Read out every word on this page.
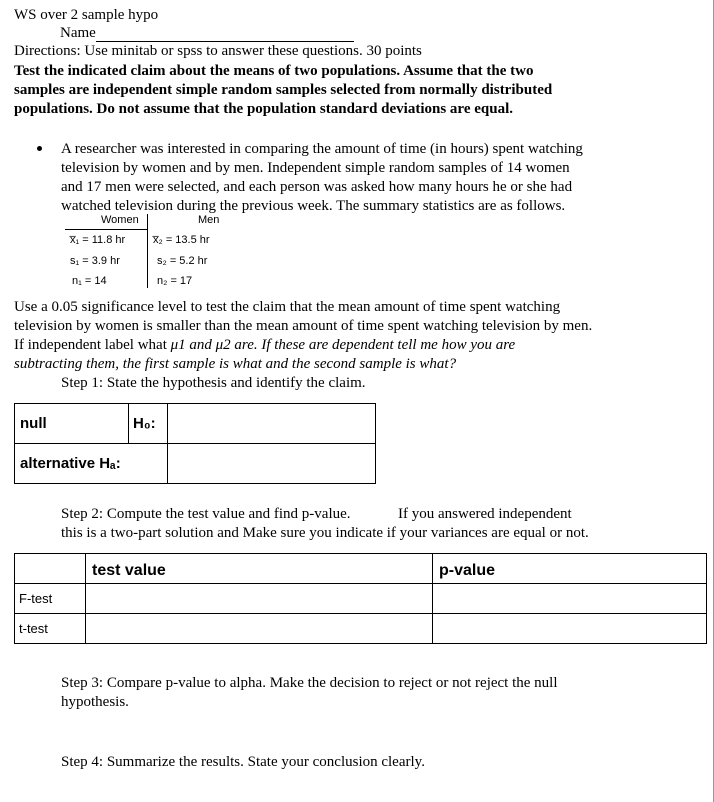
WS over 2 sample hypo
Name
Directions: Use minitab or spss to answer these questions. 30 points
Test the indicated claim about the means of two populations. Assume that the two
samples are independent simple random samples selected from normally distributed
populations. Do not assume that the population standard deviations are equal.
A researcher was interested in comparing the amount of time (in hours) spent watching
television by women and by men. Independent simple random samples of 14 women
and 17 men were selected, and each person was asked how many hours he or she had
watched television during the previous week. The summary statistics are as follows.
Women	Men
x̅₁ = 11.8 hr	x̅₂ = 13.5 hr
s₁ = 3.9 hr	s₂ = 5.2 hr
n₁ = 14	n₂ = 17
Use a 0.05 significance level to test the claim that the mean amount of time spent watching
television by women is smaller than the mean amount of time spent watching television by men.
If independent label what μ1 and μ2 are. If these are dependent tell me how you are
subtracting them, the first sample is what and the second sample is what?
Step 1: State the hypothesis and identify the claim.
null	H₀:	
alternative Hₐ:		
Step 2: Compute the test value and find p-value.	If you answered independent
this is a two-part solution and Make sure you indicate if your variances are equal or not.
	test value	p-value
F-test		
t-test		
Step 3: Compare p-value to alpha. Make the decision to reject or not reject the null
hypothesis.
Step 4: Summarize the results. State your conclusion clearly.
